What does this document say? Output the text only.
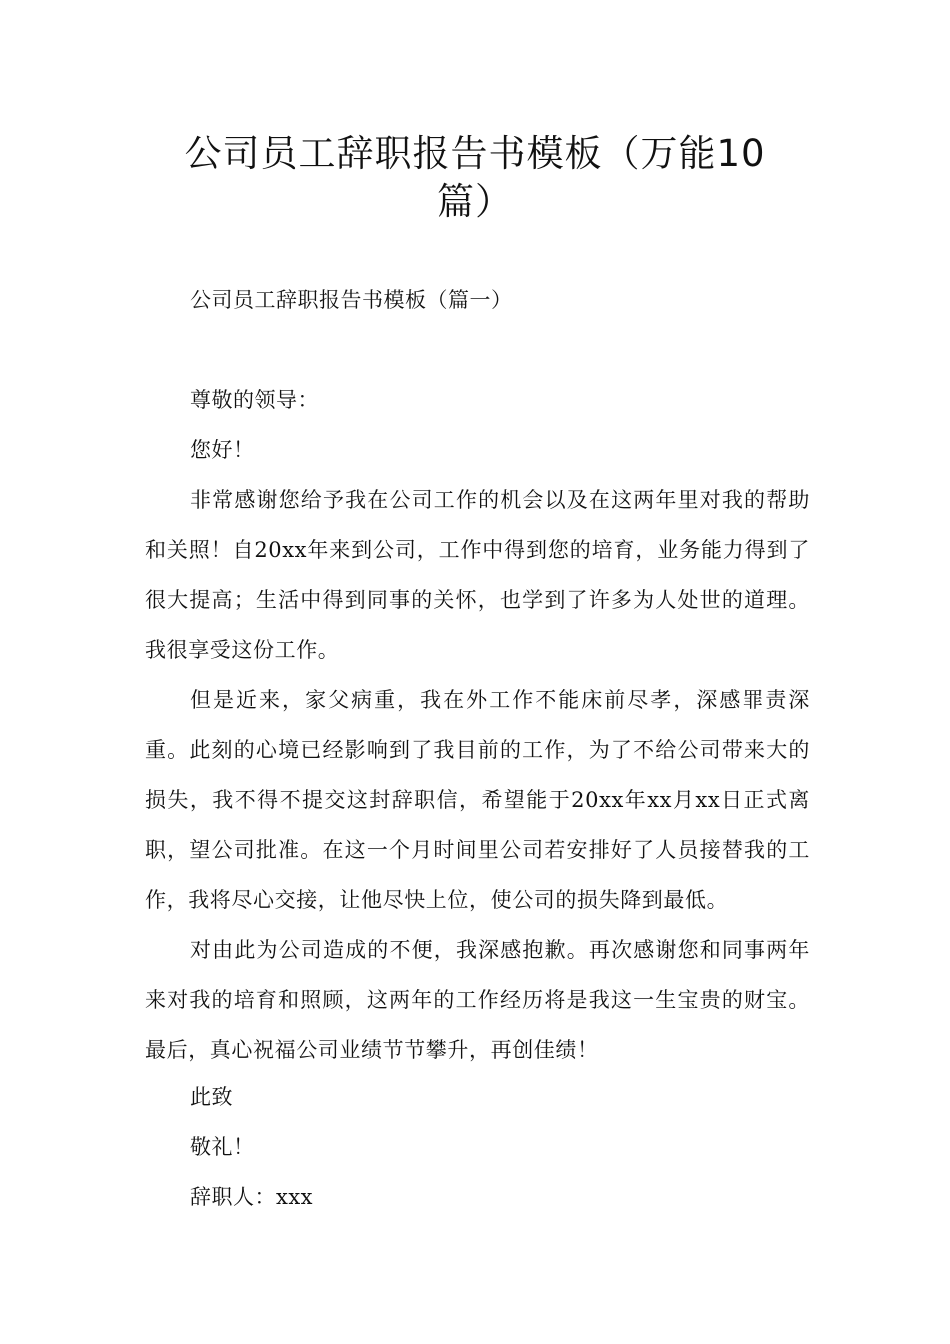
公司员工辞职报告书模板（万能10
篇）

公司员工辞职报告书模板（篇一）

尊敬的领导：

您好！

非常感谢您给予我在公司工作的机会以及在这两年里对我的帮助和关照！自20xx年来到公司，工作中得到您的培育，业务能力得到了很大提高；生活中得到同事的关怀，也学到了许多为人处世的道理。我很享受这份工作。

但是近来，家父病重，我在外工作不能床前尽孝，深感罪责深重。此刻的心境已经影响到了我目前的工作，为了不给公司带来大的损失，我不得不提交这封辞职信，希望能于20xx年xx月xx日正式离职，望公司批准。在这一个月时间里公司若安排好了人员接替我的工作，我将尽心交接，让他尽快上位，使公司的损失降到最低。

对由此为公司造成的不便，我深感抱歉。再次感谢您和同事两年来对我的培育和照顾，这两年的工作经历将是我这一生宝贵的财宝。最后，真心祝福公司业绩节节攀升，再创佳绩！

此致

敬礼！

辞职人：xxx
